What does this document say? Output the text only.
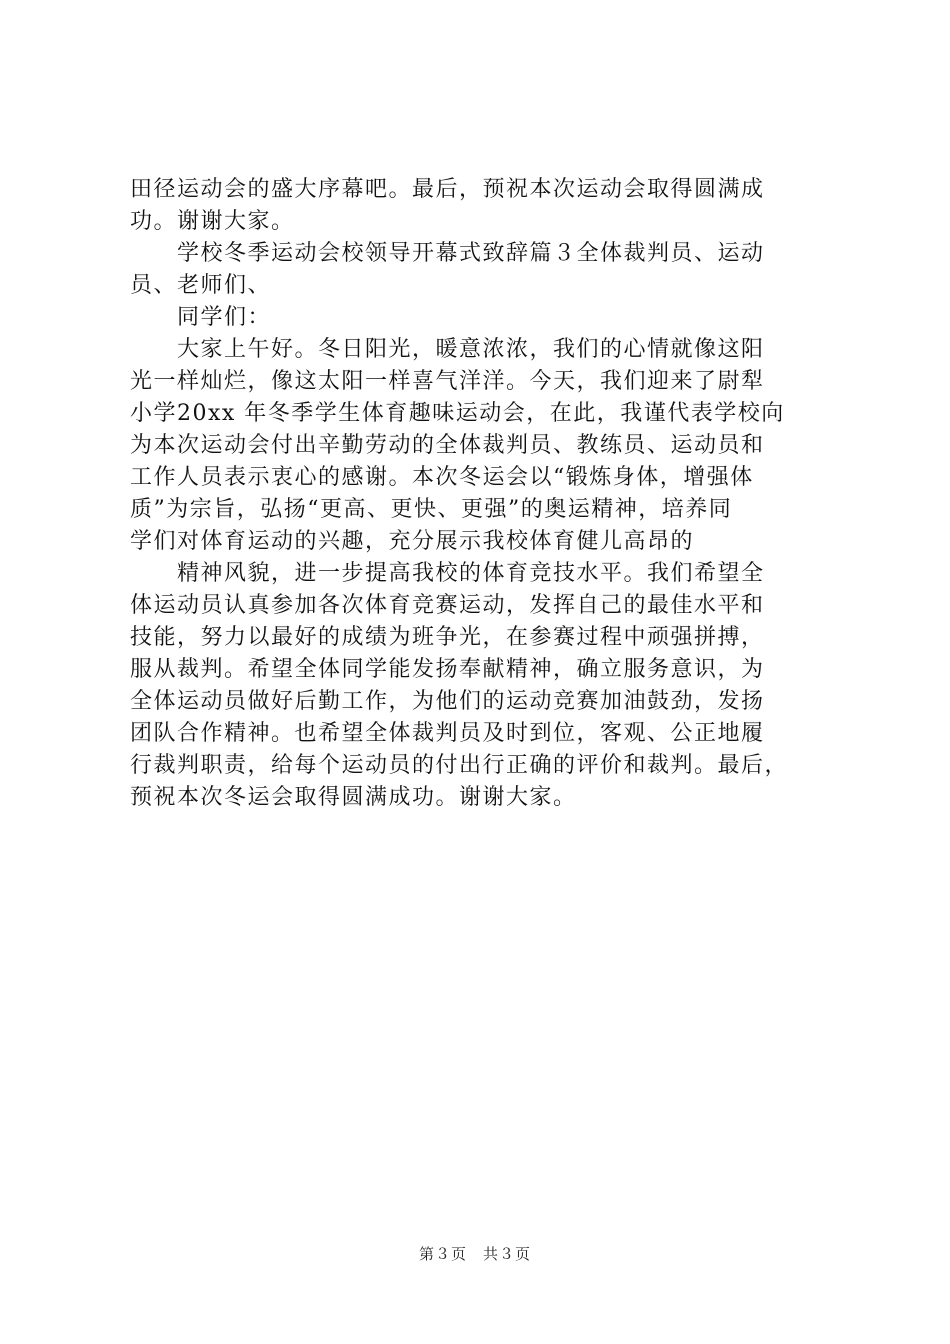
田径运动会的盛大序幕吧。最后，预祝本次运动会取得圆满成
功。谢谢大家。
　　学校冬季运动会校领导开幕式致辞篇３全体裁判员、运动
员、老师们、
　　同学们：
　　大家上午好。冬日阳光，暖意浓浓，我们的心情就像这阳
光一样灿烂，像这太阳一样喜气洋洋。今天，我们迎来了尉犁
小学20xx 年冬季学生体育趣味运动会，在此，我谨代表学校向
为本次运动会付出辛勤劳动的全体裁判员、教练员、运动员和
工作人员表示衷心的感谢。本次冬运会以“锻炼身体，增强体
质”为宗旨，弘扬“更高、更快、更强”的奥运精神，培养同
学们对体育运动的兴趣，充分展示我校体育健儿高昂的
　　精神风貌，进一步提高我校的体育竞技水平。我们希望全
体运动员认真参加各次体育竞赛运动，发挥自己的最佳水平和
技能，努力以最好的成绩为班争光，在参赛过程中顽强拼搏，
服从裁判。希望全体同学能发扬奉献精神，确立服务意识，为
全体运动员做好后勤工作，为他们的运动竞赛加油鼓劲，发扬
团队合作精神。也希望全体裁判员及时到位，客观、公正地履
行裁判职责，给每个运动员的付出行正确的评价和裁判。最后，
预祝本次冬运会取得圆满成功。谢谢大家。
第３页　共３页
